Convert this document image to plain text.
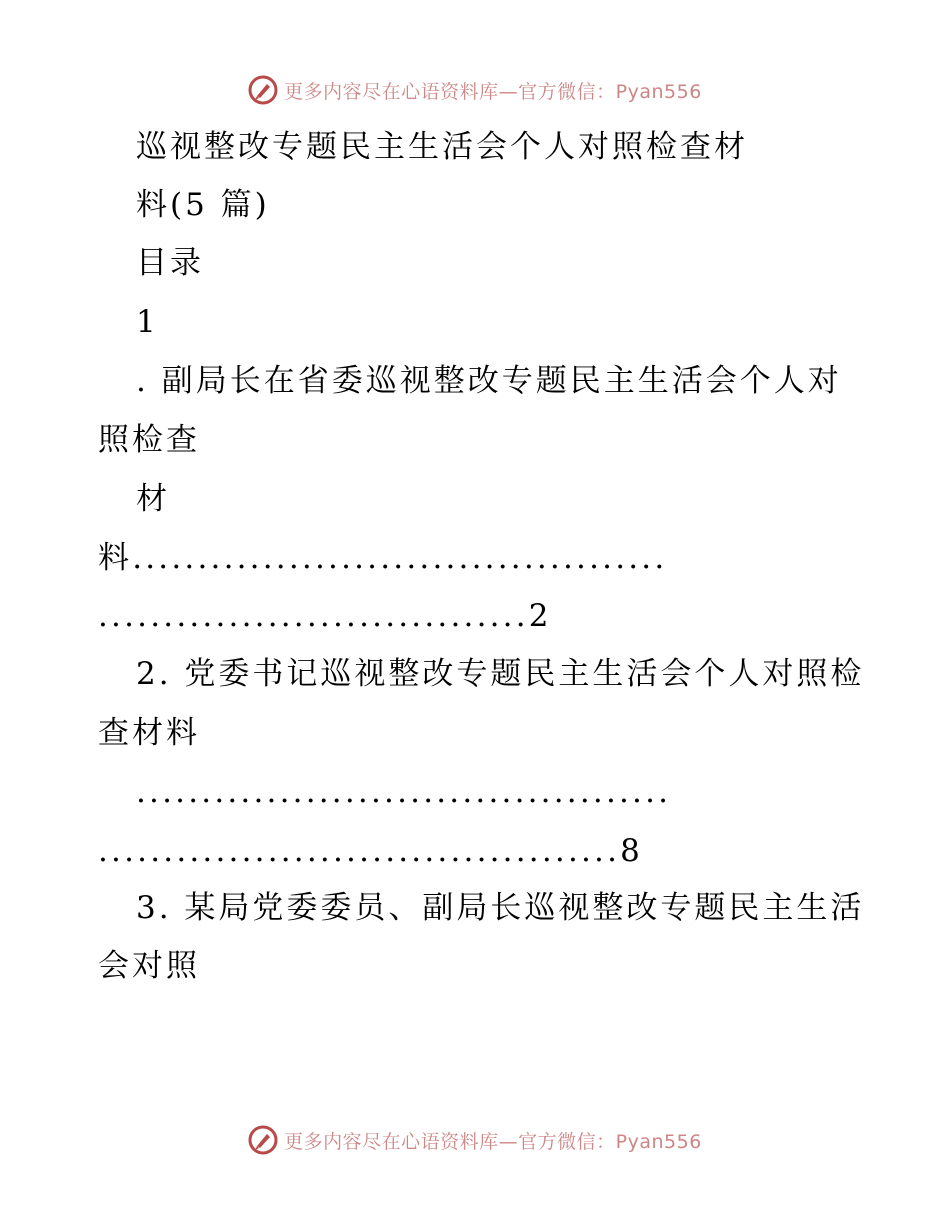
更多内容尽在心语资料库—官方微信：Pyan556
巡视整改专题民主生活会个人对照检查材
料(5 篇)
目录
1
. 副局长在省委巡视整改专题民主生活会个人对
照检查
材
料.........................................
.................................2
2. 党委书记巡视整改专题民主生活会个人对照检
查材料
.........................................
........................................8
3. 某局党委委员、副局长巡视整改专题民主生活
会对照
更多内容尽在心语资料库—官方微信：Pyan556
